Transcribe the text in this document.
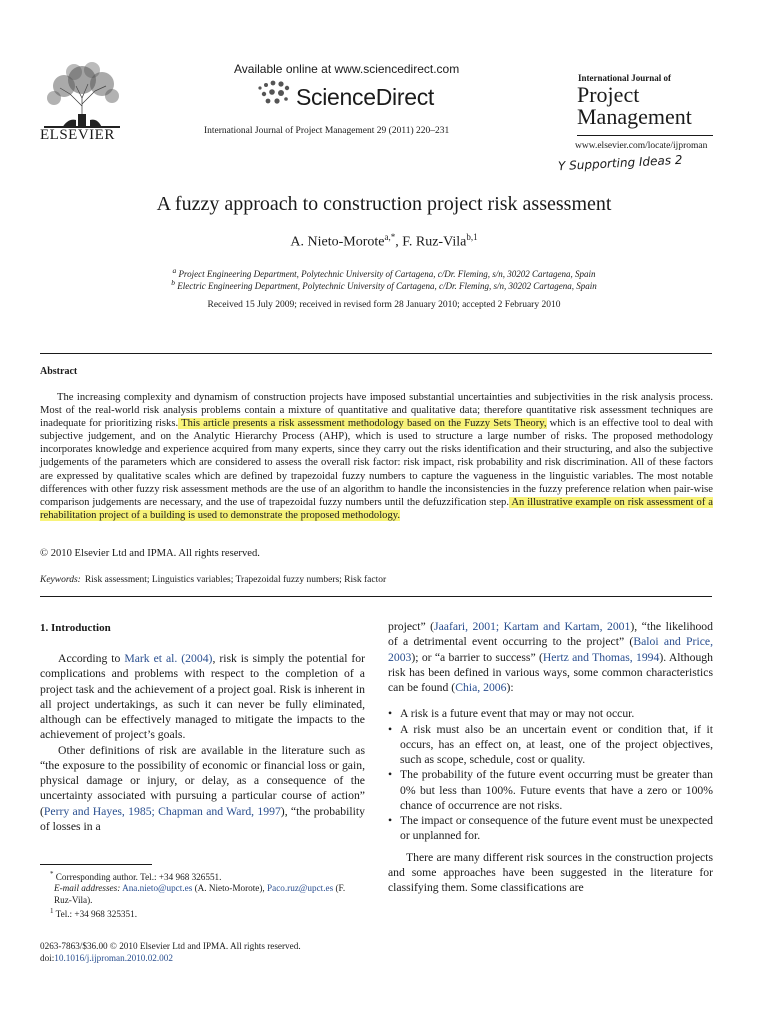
ELSEVIER
Available online at www.sciencedirect.com
ScienceDirect
International Journal of Project Management 29 (2011) 220–231
International Journal of
Project
Management
www.elsevier.com/locate/ijproman
Y Supporting Ideas 2
A fuzzy approach to construction project risk assessment
A. Nieto-Morote$^{a,*}$, F. Ruz-Vila$^{b,1}$
$^a$ Project Engineering Department, Polytechnic University of Cartagena, c/Dr. Fleming, s/n, 30202 Cartagena, Spain
$^b$ Electric Engineering Department, Polytechnic University of Cartagena, c/Dr. Fleming, s/n, 30202 Cartagena, Spain
Received 15 July 2009; received in revised form 28 January 2010; accepted 2 February 2010
Abstract

The increasing complexity and dynamism of construction projects have imposed substantial uncertainties and subjectivities in the risk analysis process. Most of the real-world risk analysis problems contain a mixture of quantitative and qualitative data; therefore quantitative risk assessment techniques are inadequate for prioritizing risks. This article presents a risk assessment methodology based on the Fuzzy Sets Theory, which is an effective tool to deal with subjective judgement, and on the Analytic Hierarchy Process (AHP), which is used to structure a large number of risks. The proposed methodology incorporates knowledge and experience acquired from many experts, since they carry out the risks identification and their structuring, and also the subjective judgements of the parameters which are considered to assess the overall risk factor: risk impact, risk probability and risk discrimination. All of these factors are expressed by qualitative scales which are defined by trapezoidal fuzzy numbers to capture the vagueness in the linguistic variables. The most notable differences with other fuzzy risk assessment methods are the use of an algorithm to handle the inconsistencies in the fuzzy preference relation when pair-wise comparison judgements are necessary, and the use of trapezoidal fuzzy numbers until the defuzzification step. An illustrative example on risk assessment of a rehabilitation project of a building is used to demonstrate the proposed methodology.

© 2010 Elsevier Ltd and IPMA. All rights reserved.
Keywords: Risk assessment; Linguistics variables; Trapezoidal fuzzy numbers; Risk factor
1. Introduction

According to Mark et al. (2004), risk is simply the potential for complications and problems with respect to the completion of a project task and the achievement of a project goal. Risk is inherent in all project undertakings, as such it can never be fully eliminated, although can be effectively managed to mitigate the impacts to the achievement of project’s goals.

Other definitions of risk are available in the literature such as “the exposure to the possibility of economic or financial loss or gain, physical damage or injury, or delay, as a consequence of the uncertainty associated with pursuing a particular course of action” (Perry and Hayes, 1985; Chapman and Ward, 1997), “the probability of losses in a

project” (Jaafari, 2001; Kartam and Kartam, 2001), “the likelihood of a detrimental event occurring to the project” (Baloi and Price, 2003); or “a barrier to success” (Hertz and Thomas, 1994). Although risk has been defined in various ways, some common characteristics can be found (Chia, 2006):

• A risk is a future event that may or may not occur.
• A risk must also be an uncertain event or condition that, if it occurs, has an effect on, at least, one of the project objectives, such as scope, schedule, cost or quality.
• The probability of the future event occurring must be greater than 0% but less than 100%. Future events that have a zero or 100% chance of occurrence are not risks.
• The impact or consequence of the future event must be unexpected or unplanned for.

There are many different risk sources in the construction projects and some approaches have been suggested in the literature for classifying them. Some classifications are

* Corresponding author. Tel.: +34 968 326551.
E-mail addresses: Ana.nieto@upct.es (A. Nieto-Morote), Paco.ruz@upct.es (F. Ruz-Vila).
$^1$ Tel.: +34 968 325351.
0263-7863/$36.00 © 2010 Elsevier Ltd and IPMA. All rights reserved.
doi:10.1016/j.ijproman.2010.02.002
